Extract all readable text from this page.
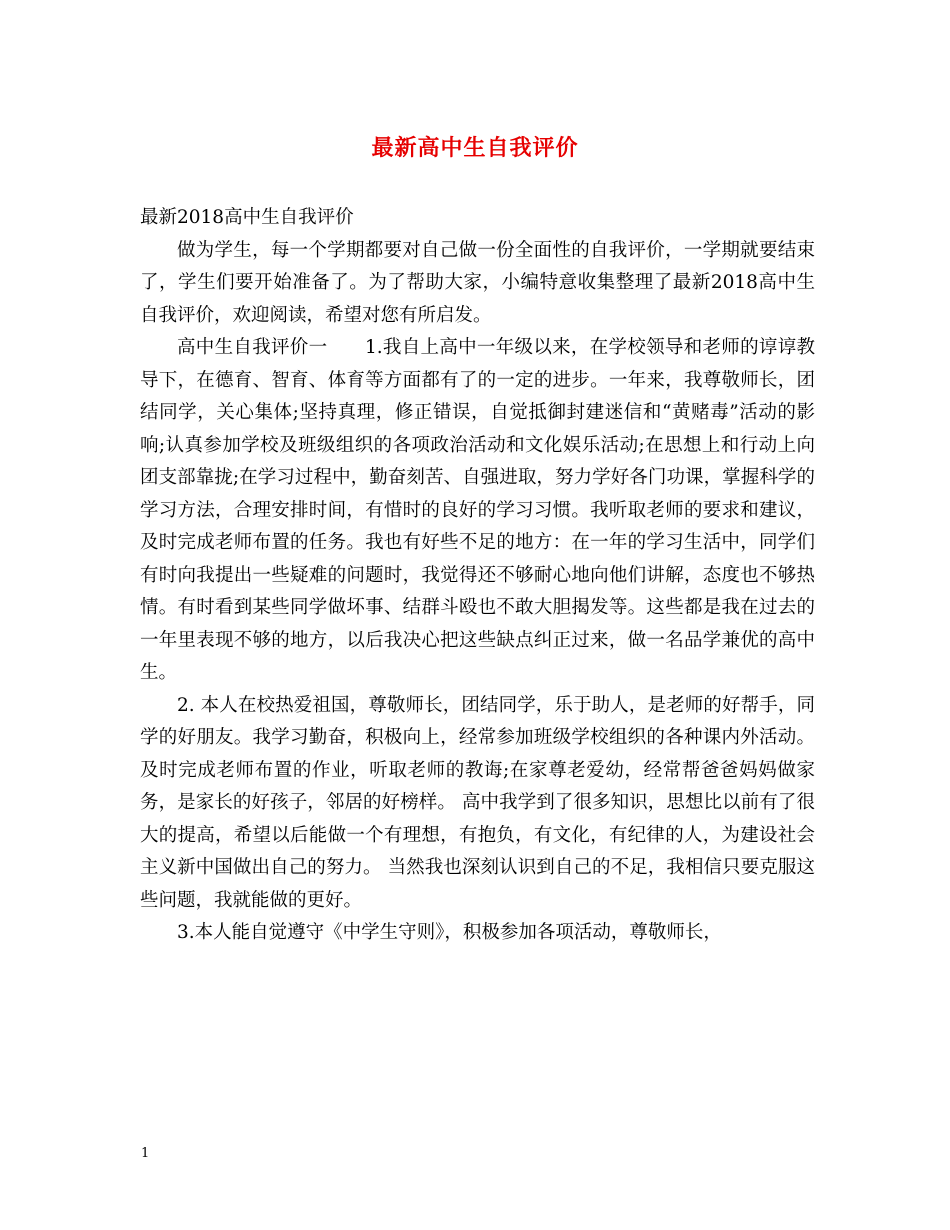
最新高中生自我评价

最新2018高中生自我评价

做为学生，每一个学期都要对自己做一份全面性的自我评价，一学期就要结束了，学生们要开始准备了。为了帮助大家，小编特意收集整理了最新2018高中生自我评价，欢迎阅读，希望对您有所启发。

高中生自我评价一　　1.我自上高中一年级以来，在学校领导和老师的谆谆教导下，在德育、智育、体育等方面都有了的一定的进步。一年来，我尊敬师长，团结同学，关心集体;坚持真理，修正错误，自觉抵御封建迷信和“黄赌毒”活动的影响;认真参加学校及班级组织的各项政治活动和文化娱乐活动;在思想上和行动上向团支部靠拢;在学习过程中，勤奋刻苦、自强进取，努力学好各门功课，掌握科学的学习方法，合理安排时间，有惜时的良好的学习习惯。我听取老师的要求和建议，及时完成老师布置的任务。我也有好些不足的地方：在一年的学习生活中，同学们有时向我提出一些疑难的问题时，我觉得还不够耐心地向他们讲解，态度也不够热情。有时看到某些同学做坏事、结群斗殴也不敢大胆揭发等。这些都是我在过去的一年里表现不够的地方，以后我决心把这些缺点纠正过来，做一名品学兼优的高中生。

2. 本人在校热爱祖国，尊敬师长，团结同学，乐于助人，是老师的好帮手，同学的好朋友。我学习勤奋，积极向上，经常参加班级学校组织的各种课内外活动。 及时完成老师布置的作业，听取老师的教诲;在家尊老爱幼，经常帮爸爸妈妈做家务，是家长的好孩子，邻居的好榜样。 高中我学到了很多知识，思想比以前有了很大的提高，希望以后能做一个有理想，有抱负，有文化，有纪律的人，为建设社会主义新中国做出自己的努力。 当然我也深刻认识到自己的不足，我相信只要克服这些问题，我就能做的更好。

3.本人能自觉遵守《中学生守则》，积极参加各项活动，尊敬师长，

1
